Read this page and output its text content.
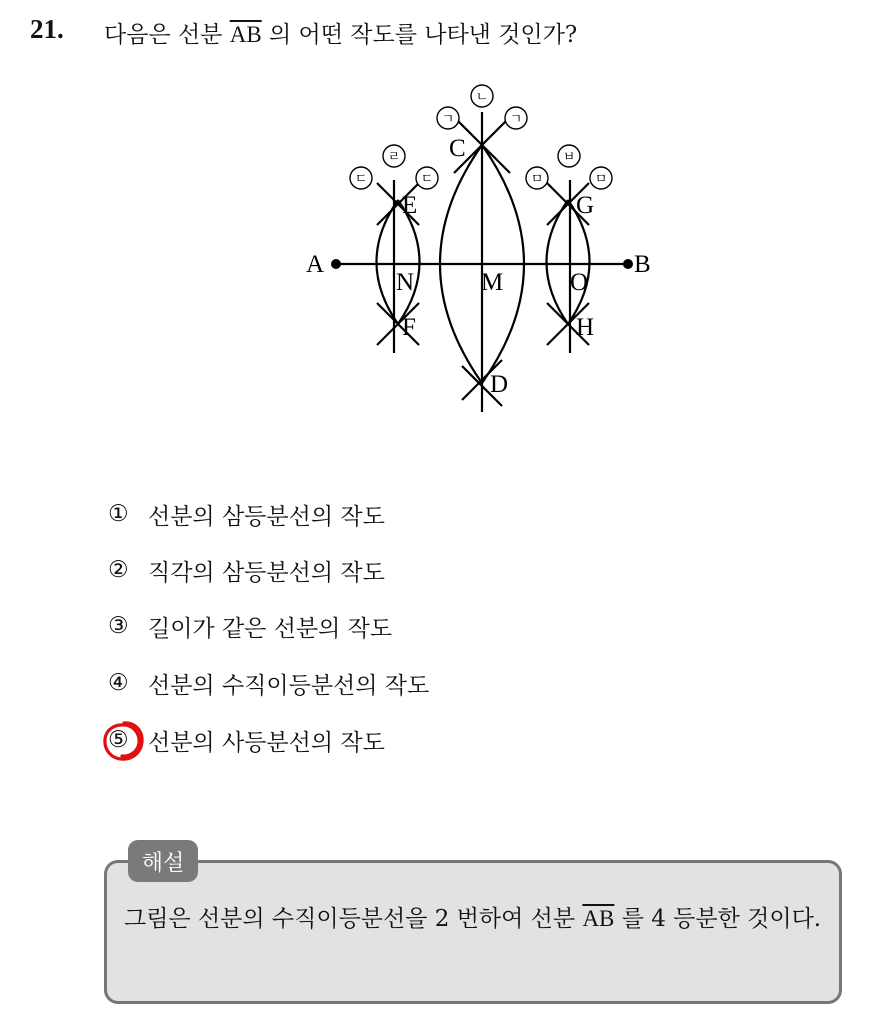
21. 다음은 선분 $\overline{AB}$ 의 어떤 작도를 나타낸 것인가?
A	B
C
D
E
F
G
H
M
N	O
ㄱ
ㄴ
ㄱ
ㄷ
ㄹ
ㄷ	ㅁ
ㅂ
ㅁ
① 선분의 삼등분선의 작도
② 직각의 삼등분선의 작도
③ 길이가 같은 선분의 작도
④ 선분의 수직이등분선의 작도
⑤ 선분의 사등분선의 작도
해설
그림은 선분의 수직이등분선을 2 번하여 선분 $\overline{AB}$ 를 4 등분한 것이다.
